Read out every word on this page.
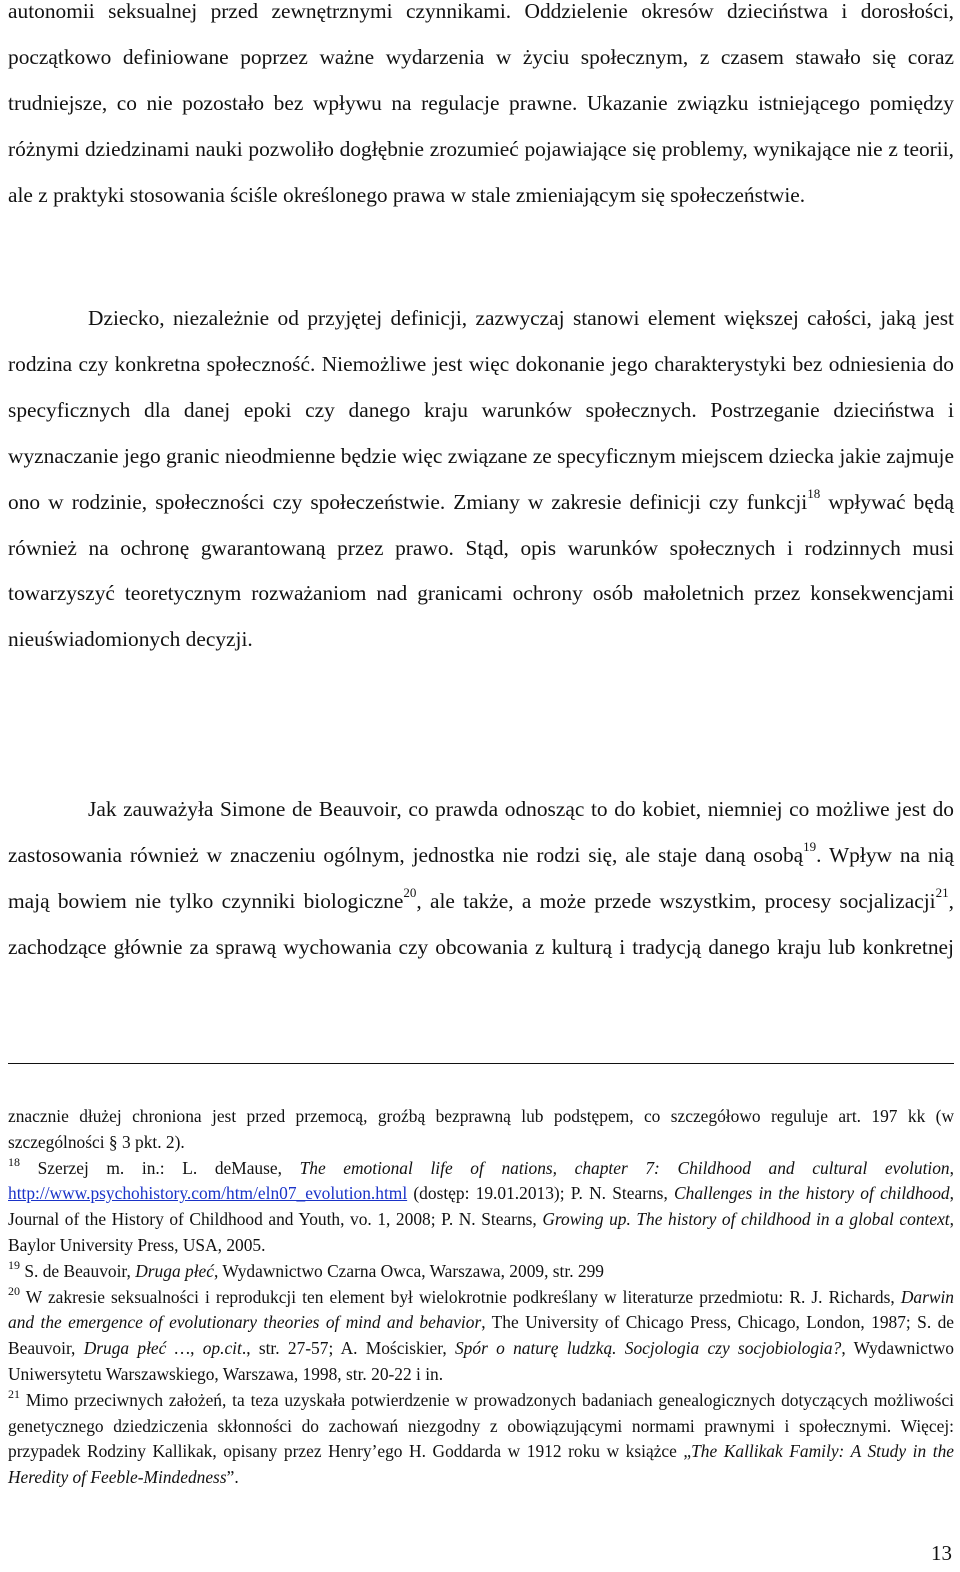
autonomii seksualnej przed zewnętrznymi czynnikami. Oddzielenie okresów dzieciństwa i dorosłości, początkowo definiowane poprzez ważne wydarzenia w życiu społecznym, z czasem stawało się coraz trudniejsze, co nie pozostało bez wpływu na regulacje prawne. Ukazanie związku istniejącego pomiędzy różnymi dziedzinami nauki pozwoliło dogłębnie zrozumieć pojawiające się problemy, wynikające nie z teorii, ale z praktyki stosowania ściśle określonego prawa w stale zmieniającym się społeczeństwie.

Dziecko, niezależnie od przyjętej definicji, zazwyczaj stanowi element większej całości, jaką jest rodzina czy konkretna społeczność. Niemożliwe jest więc dokonanie jego charakterystyki bez odniesienia do specyficznych dla danej epoki czy danego kraju warunków społecznych. Postrzeganie dzieciństwa i wyznaczanie jego granic nieodmienne będzie więc związane ze specyficznym miejscem dziecka jakie zajmuje ono w rodzinie, społeczności czy społeczeństwie. Zmiany w zakresie definicji czy funkcji$^{18}$ wpływać będą również na ochronę gwarantowaną przez prawo. Stąd, opis warunków społecznych i rodzinnych musi towarzyszyć teoretycznym rozważaniom nad granicami ochrony osób małoletnich przez konsekwencjami nieuświadomionych decyzji.

Jak zauważyła Simone de Beauvoir, co prawda odnosząc to do kobiet, niemniej co możliwe jest do zastosowania również w znaczeniu ogólnym, jednostka nie rodzi się, ale staje daną osobą$^{19}$. Wpływ na nią mają bowiem nie tylko czynniki biologiczne$^{20}$, ale także, a może przede wszystkim, procesy socjalizacji$^{21}$, zachodzące głównie za sprawą wychowania czy obcowania z kulturą i tradycją danego kraju lub konkretnej

znacznie dłużej chroniona jest przed przemocą, groźbą bezprawną lub podstępem, co szczegółowo reguluje art. 197 kk (w szczególności § 3 pkt. 2).

$^{18}$ Szerzej m. in.: L. deMause, The emotional life of nations, chapter 7: Childhood and cultural evolution, http://www.psychohistory.com/htm/eln07_evolution.html (dostęp: 19.01.2013); P. N. Stearns, Challenges in the history of childhood, Journal of the History of Childhood and Youth, vo. 1, 2008; P. N. Stearns, Growing up. The history of childhood in a global context, Baylor University Press, USA, 2005.

$^{19}$ S. de Beauvoir, Druga płeć, Wydawnictwo Czarna Owca, Warszawa, 2009, str. 299

$^{20}$ W zakresie seksualności i reprodukcji ten element był wielokrotnie podkreślany w literaturze przedmiotu: R. J. Richards, Darwin and the emergence of evolutionary theories of mind and behavior, The University of Chicago Press, Chicago, London, 1987; S. de Beauvoir, Druga płeć …, op.cit., str. 27-57; A. Mościskier, Spór o naturę ludzką. Socjologia czy socjobiologia?, Wydawnictwo Uniwersytetu Warszawskiego, Warszawa, 1998, str. 20-22 i in.

$^{21}$ Mimo przeciwnych założeń, ta teza uzyskała potwierdzenie w prowadzonych badaniach genealogicznych dotyczących możliwości genetycznego dziedziczenia skłonności do zachowań niezgodny z obowiązującymi normami prawnymi i społecznymi. Więcej: przypadek Rodziny Kallikak, opisany przez Henry’ego H. Goddarda w 1912 roku w książce „The Kallikak Family: A Study in the Heredity of Feeble-Mindedness”.

13
